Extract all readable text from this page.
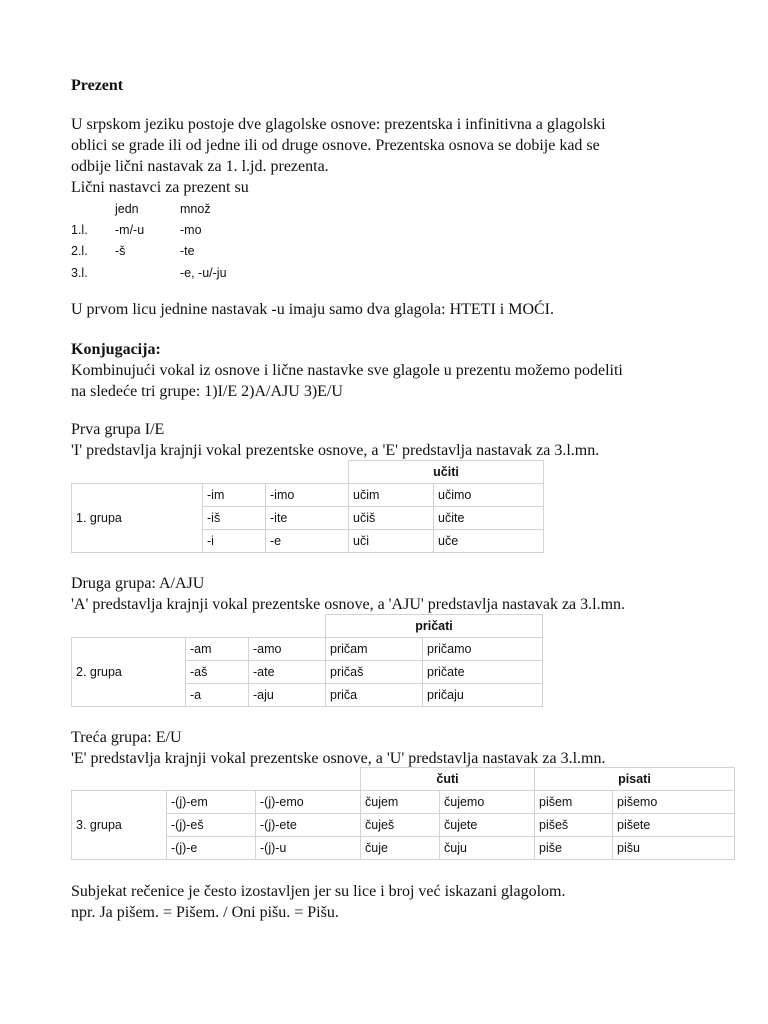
Prezent
U srpskom jeziku postoje dve glagolske osnove: prezentska i infinitivna a glagolski
oblici se grade ili od jedne ili od druge osnove. Prezentska osnova se dobije kad se
odbije lični nastavak za 1. l.jd. prezenta.
Lični nastavci za prezent su
	jedn	množ
1.l.	-m/-u	-mo
2.l.	-š	-te
3.l.		-e, -u/-ju
U prvom licu jednine nastavak -u imaju samo dva glagola: HTETI i MOĆI.
Konjugacija:
Kombinujući vokal iz osnove i lične nastavke sve glagole u prezentu možemo podeliti
na sledeće tri grupe: 1)I/E 2)A/AJU 3)E/U
Prva grupa I/E
'I' predstavlja krajnji vokal prezentske osnove, a 'E' predstavlja nastavak za 3.l.mn.
			učiti	
1. grupa	-im	-imo	učim	učimo
	-iš	-ite	učiš	učite
	-i	-e	uči	uče
Druga grupa: A/AJU
'A' predstavlja krajnji vokal prezentske osnove, a 'AJU' predstavlja nastavak za 3.l.mn.
			pričati	
2. grupa	-am	-amo	pričam	pričamo
	-aš	-ate	pričaš	pričate
	-a	-aju	priča	pričaju
Treća grupa: E/U
'E' predstavlja krajnji vokal prezentske osnove, a 'U' predstavlja nastavak za 3.l.mn.
			čuti		pisati	
3. grupa	-(j)-em	-(j)-emo	čujem	čujemo	pišem	pišemo
	-(j)-eš	-(j)-ete	čuješ	čujete	pišeš	pišete
	-(j)-e	-(j)-u	čuje	čuju	piše	pišu
Subjekat rečenice je često izostavljen jer su lice i broj već iskazani glagolom.
npr. Ja pišem. = Pišem. / Oni pišu. = Pišu.
